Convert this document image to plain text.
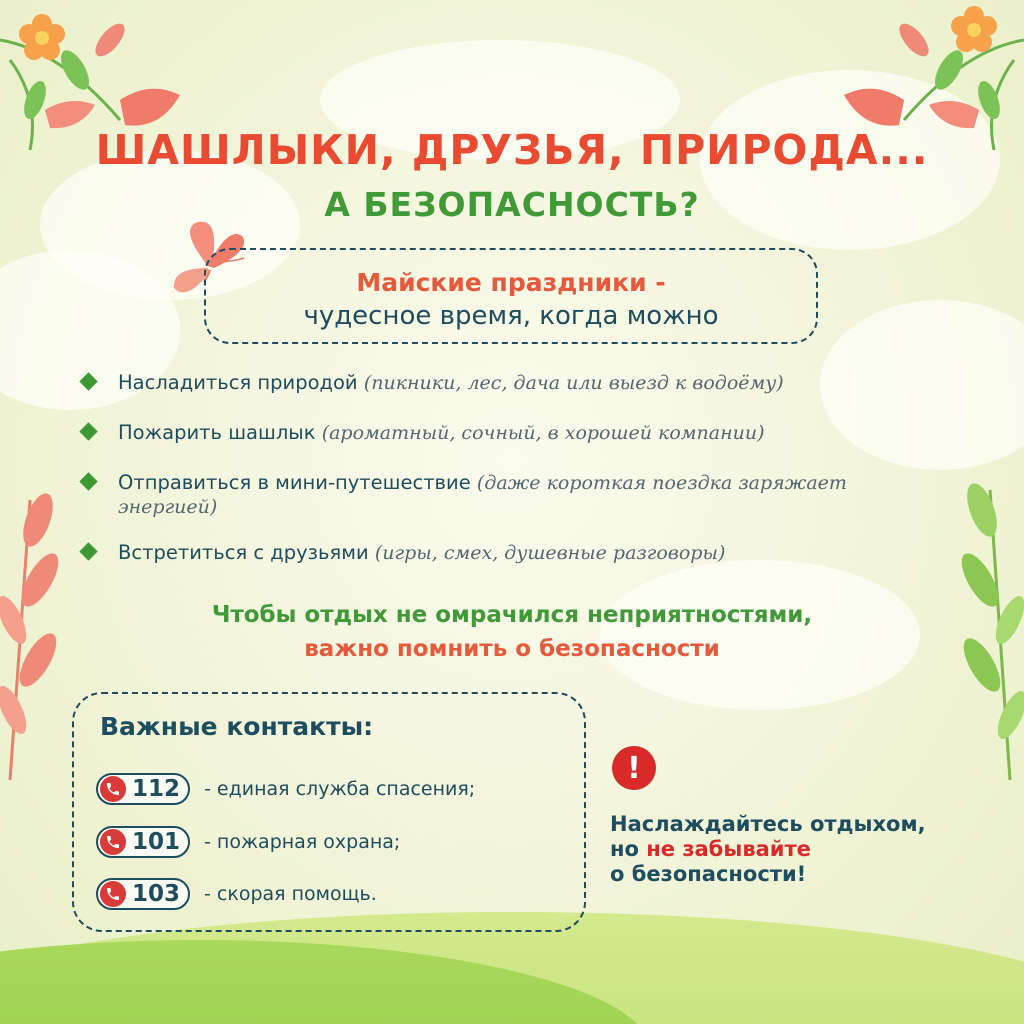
ШАШЛЫКИ, ДРУЗЬЯ, ПРИРОДА...
А БЕЗОПАСНОСТЬ?
Майские праздники -
чудесное время, когда можно
Насладиться природой (пикники, лес, дача или выезд к водоёму)
Пожарить шашлык (ароматный, сочный, в хорошей компании)
Отправиться в мини-путешествие (даже короткая поездка заряжает энергией)
Встретиться с друзьями (игры, смех, душевные разговоры)
Чтобы отдых не омрачился неприятностями,
важно помнить о безопасности
Важные контакты:
112 - единая служба спасения;
101 - пожарная охрана;
103 - скорая помощь.
!
Наслаждайтесь отдыхом,
но не забывайте
о безопасности!
